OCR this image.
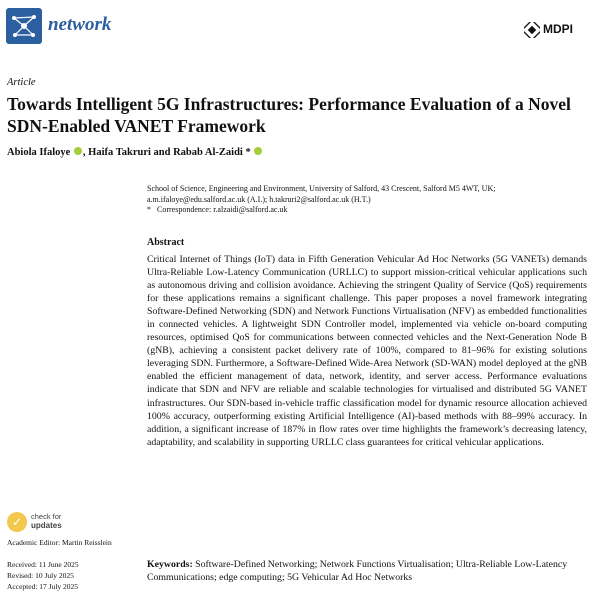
network	MDPI
Article
Towards Intelligent 5G Infrastructures: Performance Evaluation of a Novel SDN-Enabled VANET Framework
Abiola Ifaloye , Haifa Takruri and Rabab Al-Zaidi *
School of Science, Engineering and Environment, University of Salford, 43 Crescent, Salford M5 4WT, UK;
a.m.ifaloye@edu.salford.ac.uk (A.I.); h.takruri2@salford.ac.uk (H.T.)
* Correspondence: r.alzaidi@salford.ac.uk
Abstract
Critical Internet of Things (IoT) data in Fifth Generation Vehicular Ad Hoc Networks (5G VANETs) demands Ultra-Reliable Low-Latency Communication (URLLC) to support mission-critical vehicular applications such as autonomous driving and collision avoidance. Achieving the stringent Quality of Service (QoS) requirements for these applications remains a significant challenge. This paper proposes a novel framework integrating Software-Defined Networking (SDN) and Network Functions Virtualisation (NFV) as embedded functionalities in connected vehicles. A lightweight SDN Controller model, implemented via vehicle on-board computing resources, optimised QoS for communications between connected vehicles and the Next-Generation Node B (gNB), achieving a consistent packet delivery rate of 100%, compared to 81–96% for existing solutions leveraging SDN. Furthermore, a Software-Defined Wide-Area Network (SD-WAN) model deployed at the gNB enabled the efficient management of data, network, identity, and server access. Performance evaluations indicate that SDN and NFV are reliable and scalable technologies for virtualised and distributed 5G VANET infrastructures. Our SDN-based in-vehicle traffic classification model for dynamic resource allocation achieved 100% accuracy, outperforming existing Artificial Intelligence (AI)-based methods with 88–99% accuracy. In addition, a significant increase of 187% in flow rates over time highlights the framework’s decreasing latency, adaptability, and scalability in supporting URLLC class guarantees for critical vehicular applications.
✓ check for
updates
Academic Editor: Martin Reisslein
Received: 11 June 2025
Revised: 10 July 2025
Accepted: 17 July 2025
Keywords: Software-Defined Networking; Network Functions Virtualisation; Ultra-Reliable Low-Latency Communications; edge computing; 5G Vehicular Ad Hoc Networks
